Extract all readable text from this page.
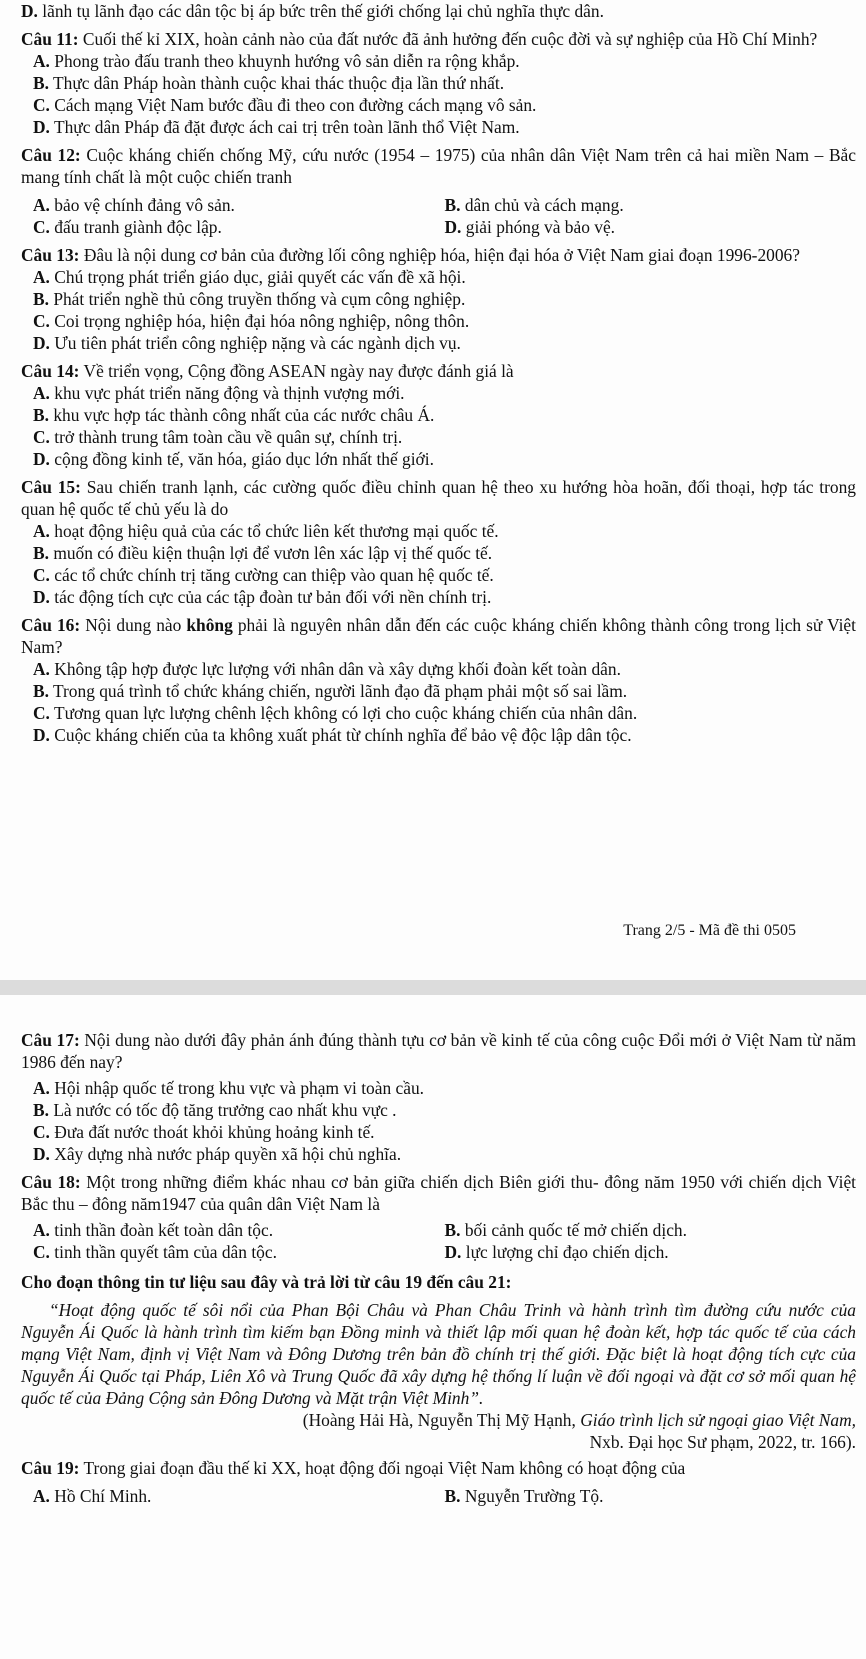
D. lãnh tụ lãnh đạo các dân tộc bị áp bức trên thế giới chống lại chủ nghĩa thực dân.

Câu 11: Cuối thế kỉ XIX, hoàn cảnh nào của đất nước đã ảnh hưởng đến cuộc đời và sự nghiệp của Hồ Chí Minh?

A. Phong trào đấu tranh theo khuynh hướng vô sản diễn ra rộng khắp.

B. Thực dân Pháp hoàn thành cuộc khai thác thuộc địa lần thứ nhất.

C. Cách mạng Việt Nam bước đầu đi theo con đường cách mạng vô sản.

D. Thực dân Pháp đã đặt được ách cai trị trên toàn lãnh thổ Việt Nam.

Câu 12: Cuộc kháng chiến chống Mỹ, cứu nước (1954 – 1975) của nhân dân Việt Nam trên cả hai miền Nam – Bắc mang tính chất là một cuộc chiến tranh

A. bảo vệ chính đảng vô sản.	B. dân chủ và cách mạng.
C. đấu tranh giành độc lập.	D. giải phóng và bảo vệ.

Câu 13: Đâu là nội dung cơ bản của đường lối công nghiệp hóa, hiện đại hóa ở Việt Nam giai đoạn 1996-2006?

A. Chú trọng phát triển giáo dục, giải quyết các vấn đề xã hội.

B. Phát triển nghề thủ công truyền thống và cụm công nghiệp.

C. Coi trọng nghiệp hóa, hiện đại hóa nông nghiệp, nông thôn.

D. Ưu tiên phát triển công nghiệp nặng và các ngành dịch vụ.

Câu 14: Về triển vọng, Cộng đồng ASEAN ngày nay được đánh giá là

A. khu vực phát triển năng động và thịnh vượng mới.

B. khu vực hợp tác thành công nhất của các nước châu Á.

C. trở thành trung tâm toàn cầu về quân sự, chính trị.

D. cộng đồng kinh tế, văn hóa, giáo dục lớn nhất thế giới.

Câu 15: Sau chiến tranh lạnh, các cường quốc điều chỉnh quan hệ theo xu hướng hòa hoãn, đối thoại, hợp tác trong quan hệ quốc tế chủ yếu là do

A. hoạt động hiệu quả của các tổ chức liên kết thương mại quốc tế.

B. muốn có điều kiện thuận lợi để vươn lên xác lập vị thế quốc tế.

C. các tổ chức chính trị tăng cường can thiệp vào quan hệ quốc tế.

D. tác động tích cực của các tập đoàn tư bản đối với nền chính trị.

Câu 16: Nội dung nào không phải là nguyên nhân dẫn đến các cuộc kháng chiến không thành công trong lịch sử Việt Nam?

A. Không tập hợp được lực lượng với nhân dân và xây dựng khối đoàn kết toàn dân.

B. Trong quá trình tổ chức kháng chiến, người lãnh đạo đã phạm phải một số sai lầm.

C. Tương quan lực lượng chênh lệch không có lợi cho cuộc kháng chiến của nhân dân.

D. Cuộc kháng chiến của ta không xuất phát từ chính nghĩa để bảo vệ độc lập dân tộc.

Trang 2/5 - Mã đề thi 0505

Câu 17: Nội dung nào dưới đây phản ánh đúng thành tựu cơ bản về kinh tế của công cuộc Đổi mới ở Việt Nam từ năm 1986 đến nay?

A. Hội nhập quốc tế trong khu vực và phạm vi toàn cầu.

B. Là nước có tốc độ tăng trưởng cao nhất khu vực .

C. Đưa đất nước thoát khỏi khủng hoảng kinh tế.

D. Xây dựng nhà nước pháp quyền xã hội chủ nghĩa.

Câu 18: Một trong những điểm khác nhau cơ bản giữa chiến dịch Biên giới thu- đông năm 1950 với chiến dịch Việt Bắc thu – đông năm1947 của quân dân Việt Nam là

A. tinh thần đoàn kết toàn dân tộc.	B. bối cảnh quốc tế mở chiến dịch.
C. tinh thần quyết tâm của dân tộc.	D. lực lượng chỉ đạo chiến dịch.

Cho đoạn thông tin tư liệu sau đây và trả lời từ câu 19 đến câu 21:

“Hoạt động quốc tế sôi nổi của Phan Bội Châu và Phan Châu Trinh và hành trình tìm đường cứu nước của Nguyễn Ái Quốc là hành trình tìm kiếm bạn Đồng minh và thiết lập mối quan hệ đoàn kết, hợp tác quốc tế của cách mạng Việt Nam, định vị Việt Nam và Đông Dương trên bản đồ chính trị thế giới. Đặc biệt là hoạt động tích cực của Nguyễn Ái Quốc tại Pháp, Liên Xô và Trung Quốc đã xây dựng hệ thống lí luận về đối ngoại và đặt cơ sở mối quan hệ quốc tế của Đảng Cộng sản Đông Dương và Mặt trận Việt Minh”.

(Hoàng Hải Hà, Nguyễn Thị Mỹ Hạnh, Giáo trình lịch sử ngoại giao Việt Nam,
Nxb. Đại học Sư phạm, 2022, tr. 166).

Câu 19: Trong giai đoạn đầu thế kỉ XX, hoạt động đối ngoại Việt Nam không có hoạt động của

A. Hồ Chí Minh.	B. Nguyễn Trường Tộ.
